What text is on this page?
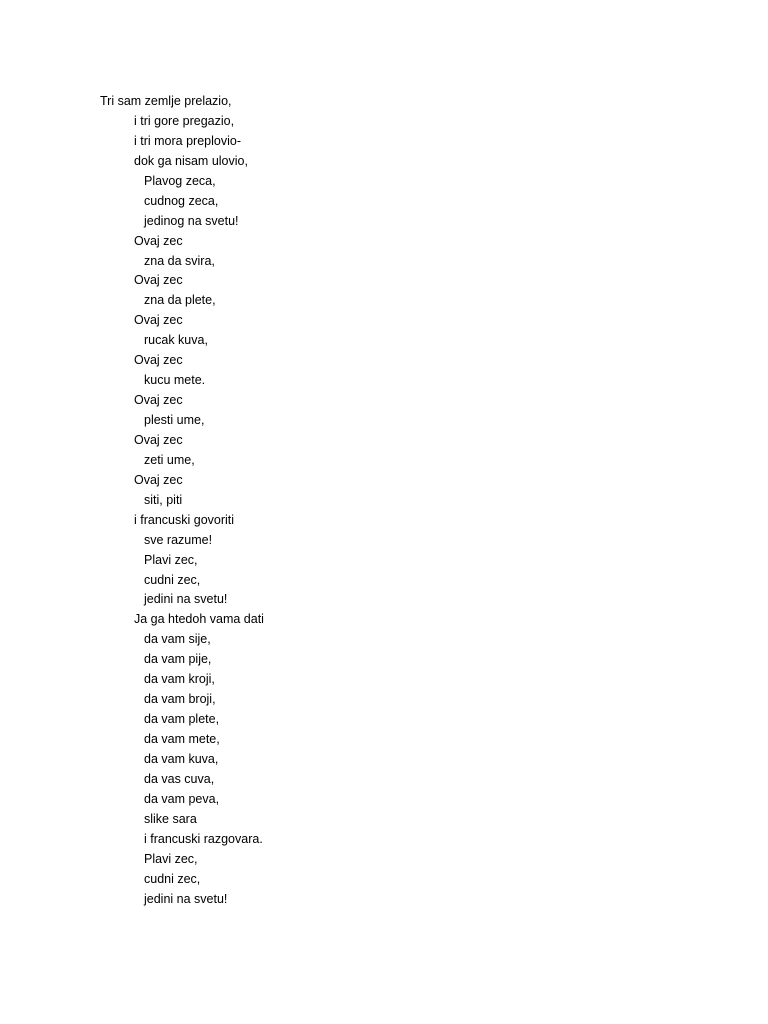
Tri sam zemlje prelazio,
i tri gore pregazio,
i tri mora preplovio-
dok ga nisam ulovio,
Plavog zeca,
cudnog zeca,
jedinog na svetu!
Ovaj zec
zna da svira,
Ovaj zec
zna da plete,
Ovaj zec
rucak kuva,
Ovaj zec
kucu mete.
Ovaj zec
plesti ume,
Ovaj zec
zeti ume,
Ovaj zec
siti, piti
i francuski govoriti
sve razume!
Plavi zec,
cudni zec,
jedini na svetu!
Ja ga htedoh vama dati
da vam sije,
da vam pije,
da vam kroji,
da vam broji,
da vam plete,
da vam mete,
da vam kuva,
da vas cuva,
da vam peva,
slike sara
i francuski razgovara.
Plavi zec,
cudni zec,
jedini na svetu!
